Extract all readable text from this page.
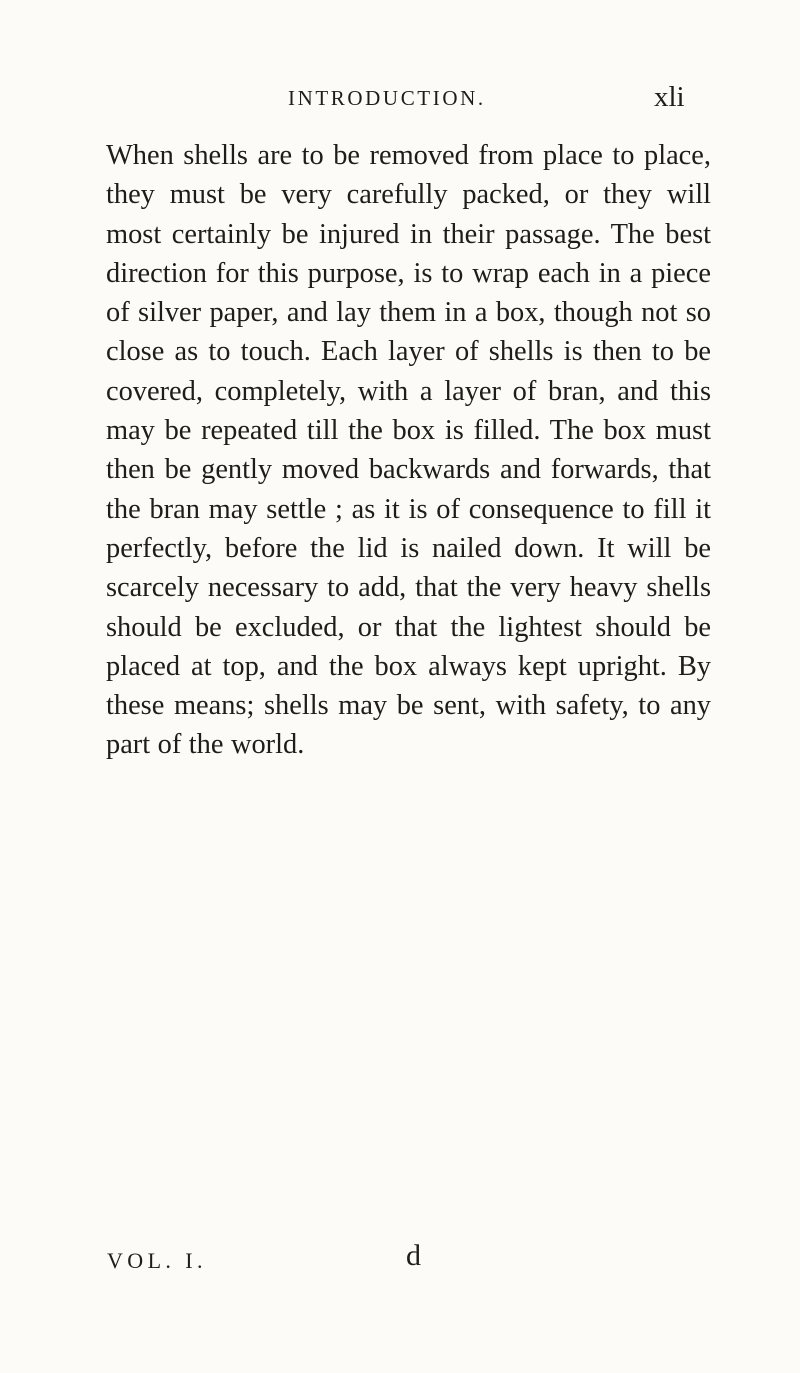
INTRODUCTION.	xli

When shells are to be removed from place to place, they must be very carefully packed, or they will most certainly be injured in their passage. The best direction for this purpose, is to wrap each in a piece of silver paper, and lay them in a box, though not so close as to touch. Each layer of shells is then to be covered, completely, with a layer of bran, and this may be repeated till the box is filled. The box must then be gently moved backwards and forwards, that the bran may settle ; as it is of consequence to fill it perfectly, before the lid is nailed down. It will be scarcely necessary to add, that the very heavy shells should be excluded, or that the lightest should be placed at top, and the box always kept upright. By these means; shells may be sent, with safety, to any part of the world.

VOL. I.	d
